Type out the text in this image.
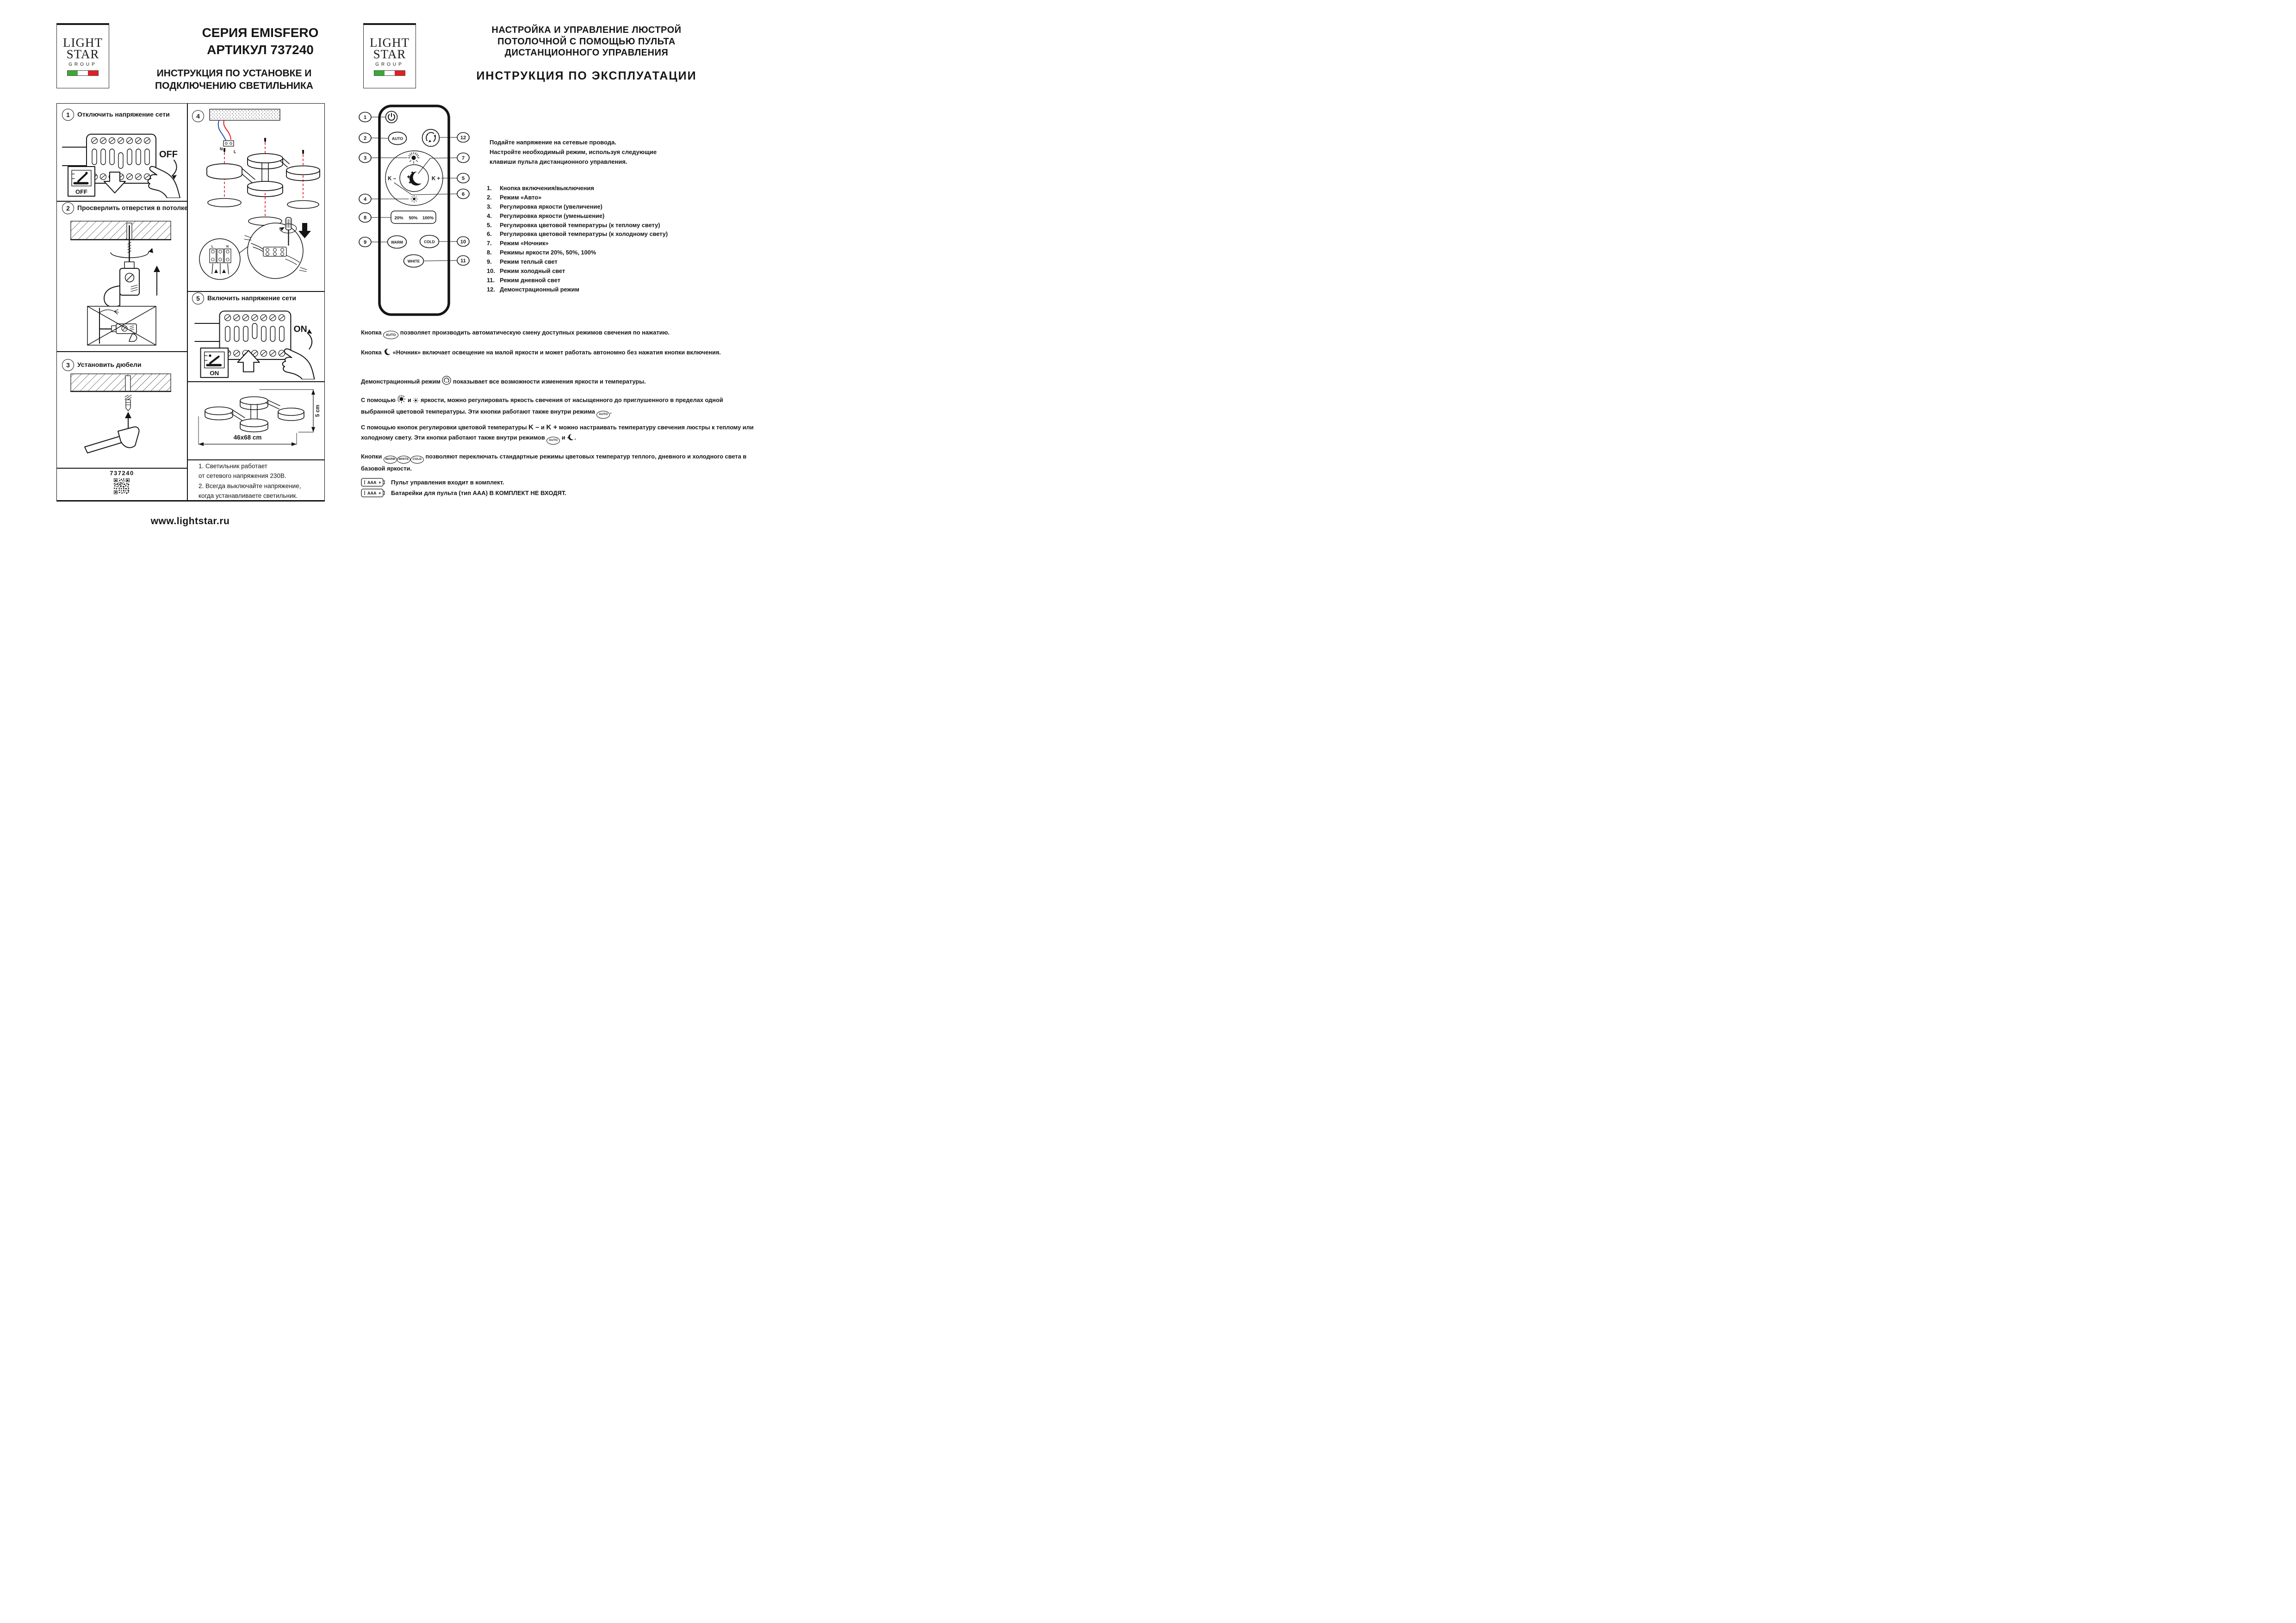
LIGHT
STAR
GROUP
СЕРИЯ EMISFERO
АРТИКУЛ 737240
ИНСТРУКЦИЯ ПО УСТАНОВКЕ И
ПОДКЛЮЧЕНИЮ СВЕТИЛЬНИКА
LIGHT
STAR
GROUP
НАСТРОЙКА И УПРАВЛЕНИЕ ЛЮСТРОЙ
ПОТОЛОЧНОЙ С ПОМОЩЬЮ ПУЛЬТА
ДИСТАНЦИОННОГО УПРАВЛЕНИЯ
ИНСТРУКЦИЯ ПО ЭКСПЛУАТАЦИИ
1	Отключить напряжение сети
2	Просверлить отверстия в потолке
3	Установить дюбели
4
5	Включить напряжение сети
OFF
OFF
737240
N
L
L	N
ON
ON
5 cm
46x68 cm
1. Светильник работает
от сетевого напряжения 230В.
2. Всегда выключайте напряжение,
когда устанавливаете светильник.
www.lightstar.ru
AUTO
K –	K +
20% 50% 100%
WARM	COLD
WHITE
1
2
3
4
8
9
12
7
5
6
10
11
Подайте напряжение на сетевые провода.
Настройте необходимый режим, используя следующие
клавиши пульта дистанционного управления.
1.	Кнопка включения/выключения
2.	Режим «Авто»
3.	Регулировка яркости (увеличение)
4.	Регулировка яркости (уменьшение)
5.	Регулировка цветовой температуры (к теплому свету)
6.	Регулировка цветовой температуры (к холодному свету)
7.	Режим «Ночник»
8.	Режимы яркости 20%, 50%, 100%
9.	Режим теплый свет
10. Режим холодный свет
11. Режим дневной свет
12. Демонстрационный режим
Кнопка AUTO позволяет производить автоматическую смену доступных режимов свечения по нажатию.
Кнопка «Ночник» включает освещение на малой яркости и может работать автономно без нажатия кнопки включения.
Демонстрационный режим показывает все возможности изменения яркости и температуры.
С помощью и яркости, можно регулировать яркость свечения от насыщенного до приглушенного в пределах одной выбранной цветовой температуры. Эти кнопки работают также внутри режима AUTO .
С помощью кнопок регулировки цветовой температуры K – и K + можно настраивать температуру свечения люстры к теплому или холодному свету. Эти кнопки работают также внутри режимов AUTO и .
Кнопки WARM WHITE COLD позволяют переключать стандартные режимы цветовых температур теплого, дневного и холодного света в базовой яркости.
AAA + Пульт управления входит в комплект.
AAA + Батарейки для пульта (тип ААА) В КОМПЛЕКТ НЕ ВХОДЯТ.
